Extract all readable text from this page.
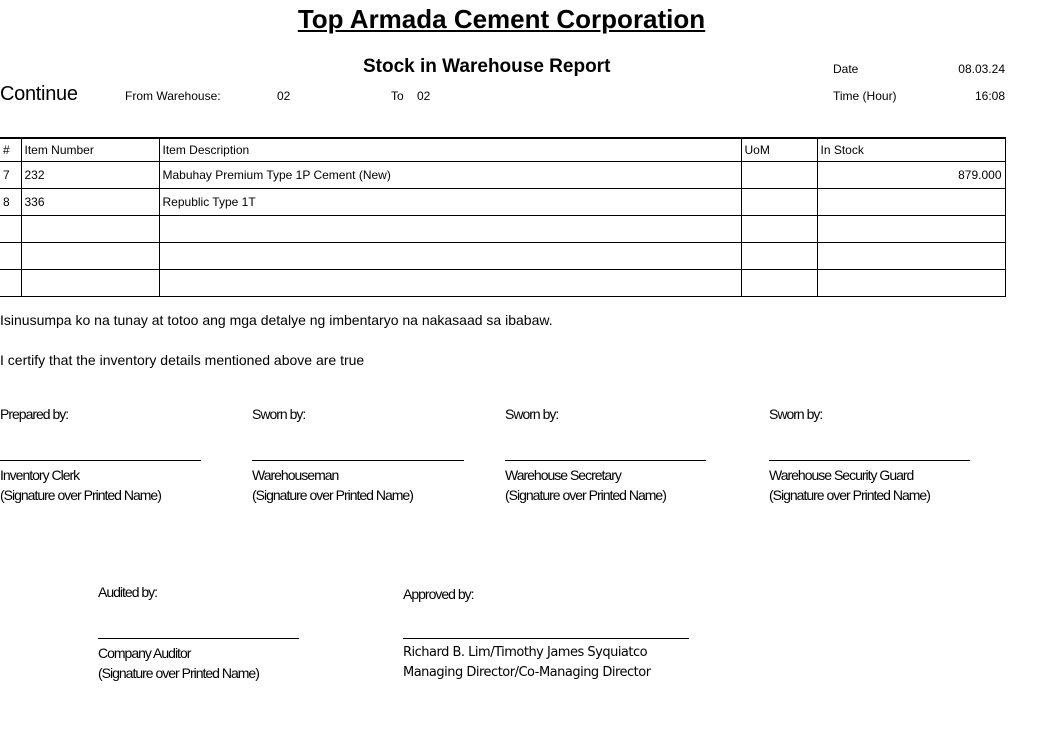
Top Armada Cement Corporation
Stock in Warehouse Report	Date	08.03.24
Continue	From Warehouse:	02	To 02	Time (Hour)	16:08
#	Item Number	Item Description	UoM	In Stock
7	232	Mabuhay Premium Type 1P Cement (New)		879.000
8	336	Republic Type 1T		

Isinusumpa ko na tunay at totoo ang mga detalye ng imbentaryo na nakasaad sa ibabaw.
I certify that the inventory details mentioned above are true
Prepared by:
Inventory Clerk
(Signature over Printed Name)
Sworn by:
Warehouseman
(Signature over Printed Name)
Sworn by:
Warehouse Secretary
(Signature over Printed Name)
Sworn by:
Warehouse Security Guard
(Signature over Printed Name)
Audited by:
Company Auditor
(Signature over Printed Name)
Approved by:
Richard B. Lim/Timothy James Syquiatco
Managing Director/Co-Managing Director
